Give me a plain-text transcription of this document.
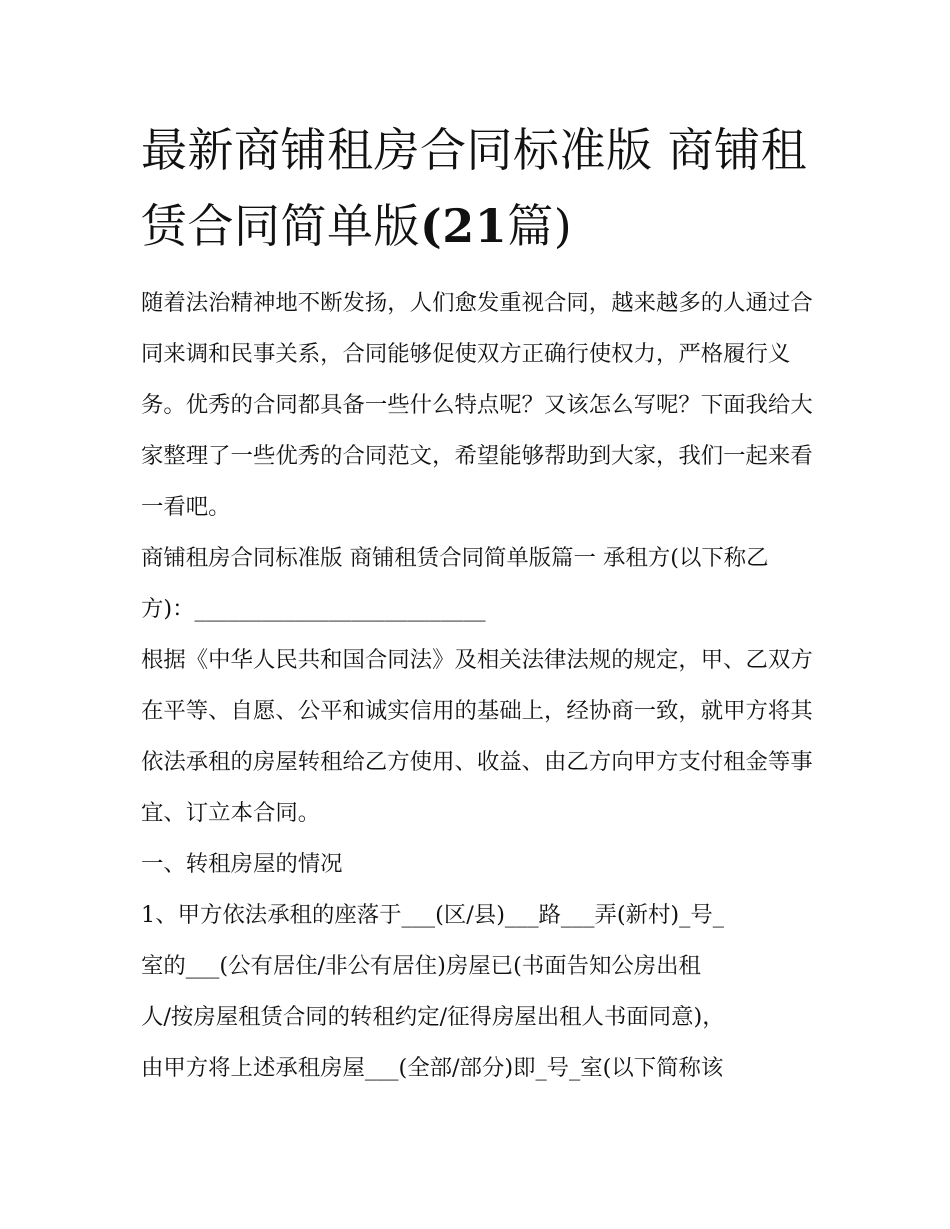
最新商铺租房合同标准版 商铺租赁合同简单版(21篇)

随着法治精神地不断发扬，人们愈发重视合同，越来越多的人通过合同来调和民事关系，合同能够促使双方正确行使权力，严格履行义务。优秀的合同都具备一些什么特点呢？又该怎么写呢？下面我给大家整理了一些优秀的合同范文，希望能够帮助到大家，我们一起来看一看吧。

商铺租房合同标准版 商铺租赁合同简单版篇一 承租方(以下称乙方)：__________________________

根据《中华人民共和国合同法》及相关法律法规的规定，甲、乙双方在平等、自愿、公平和诚实信用的基础上，经协商一致，就甲方将其依法承租的房屋转租给乙方使用、收益、由乙方向甲方支付租金等事宜、订立本合同。

一、转租房屋的情况

1、甲方依法承租的座落于___(区/县)___路___弄(新村)_号_

室的___(公有居住/非公有居住)房屋已(书面告知公房出租

人/按房屋租赁合同的转租约定/征得房屋出租人书面同意)，

由甲方将上述承租房屋___(全部/部分)即_号_室(以下简称该
